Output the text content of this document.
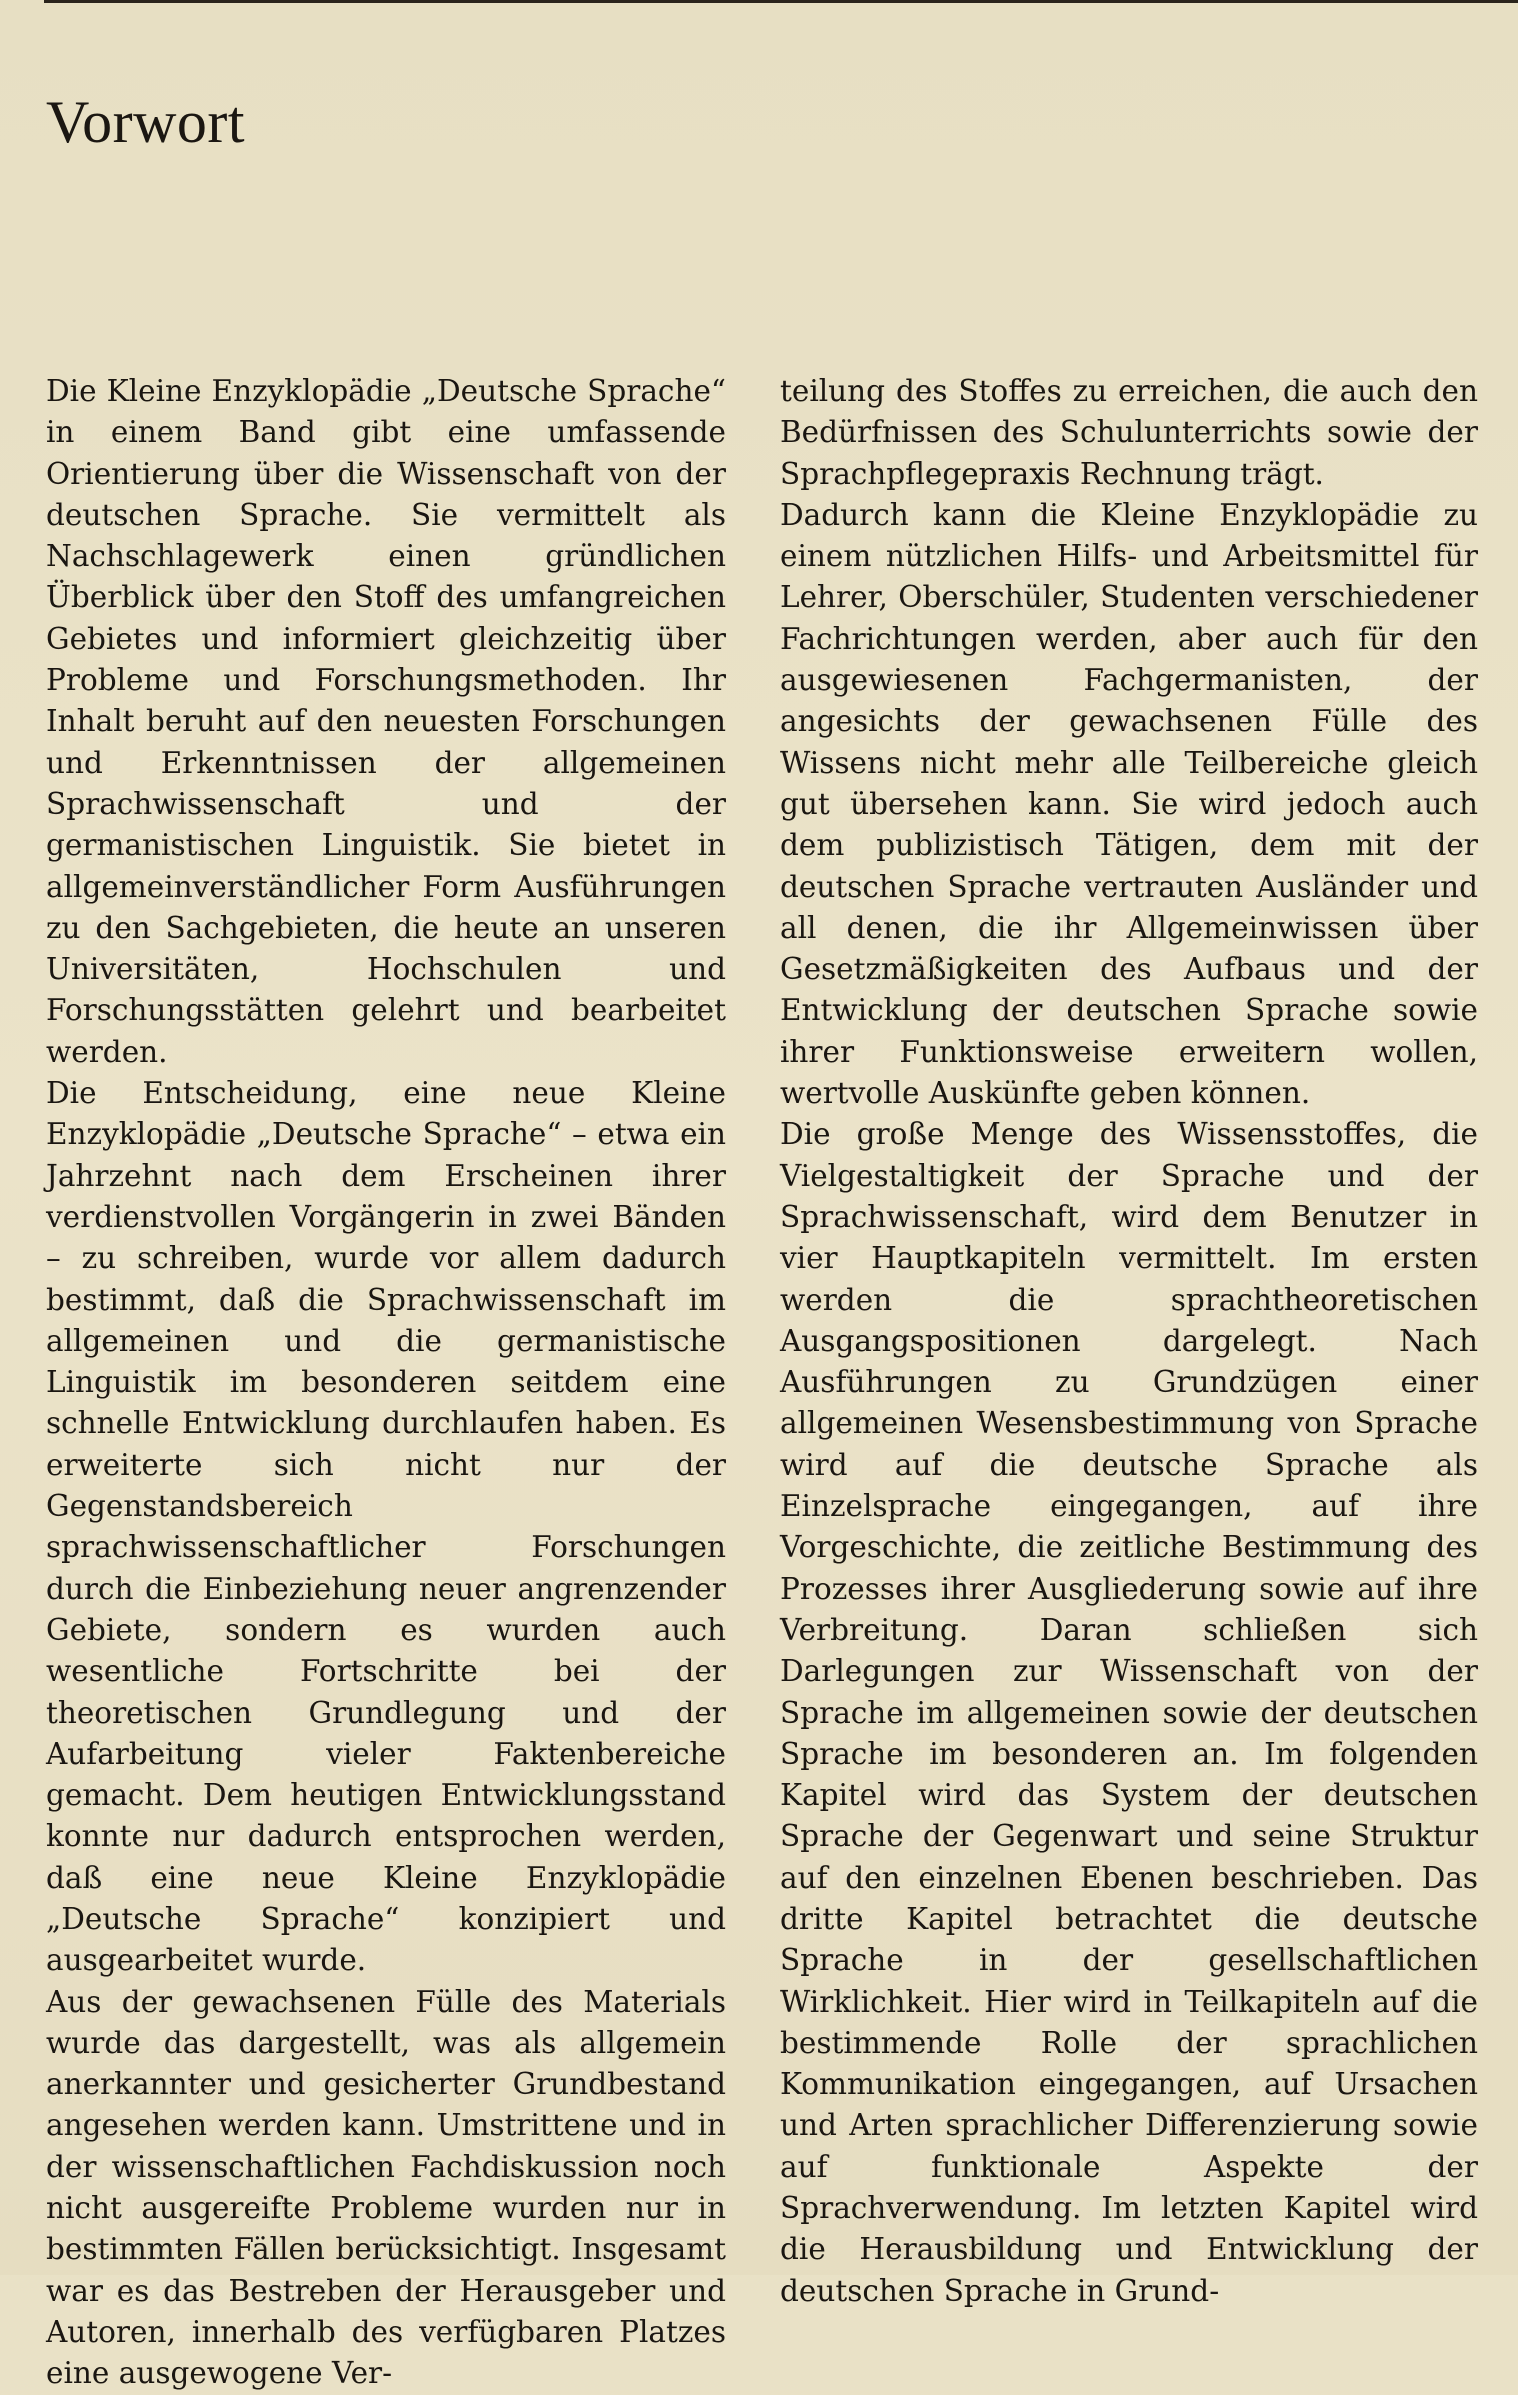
Vorwort

Die Kleine Enzyklopädie „Deutsche Sprache“ in einem Band gibt eine umfassende Orientierung über die Wissenschaft von der deutschen Sprache. Sie vermittelt als Nachschlagewerk einen gründlichen Überblick über den Stoff des umfangreichen Gebietes und informiert gleichzeitig über Probleme und Forschungsmethoden. Ihr Inhalt beruht auf den neuesten Forschungen und Erkenntnissen der allgemeinen Sprachwissenschaft und der germanistischen Linguistik. Sie bietet in allgemeinverständlicher Form Ausführungen zu den Sachgebieten, die heute an unseren Universitäten, Hochschulen und Forschungsstätten gelehrt und bearbeitet werden.

Die Entscheidung, eine neue Kleine Enzyklopädie „Deutsche Sprache“ – etwa ein Jahrzehnt nach dem Erscheinen ihrer verdienstvollen Vorgängerin in zwei Bänden – zu schreiben, wurde vor allem dadurch bestimmt, daß die Sprachwissenschaft im allgemeinen und die germanistische Linguistik im besonderen seitdem eine schnelle Entwicklung durchlaufen haben. Es erweiterte sich nicht nur der Gegenstandsbereich sprachwissenschaftlicher Forschungen durch die Einbeziehung neuer angrenzender Gebiete, sondern es wurden auch wesentliche Fortschritte bei der theoretischen Grundlegung und der Aufarbeitung vieler Faktenbereiche gemacht. Dem heutigen Entwicklungsstand konnte nur dadurch entsprochen werden, daß eine neue Kleine Enzyklopädie „Deutsche Sprache“ konzipiert und ausgearbeitet wurde.

Aus der gewachsenen Fülle des Materials wurde das dargestellt, was als allgemein anerkannter und gesicherter Grundbestand angesehen werden kann. Umstrittene und in der wissenschaftlichen Fachdiskussion noch nicht ausgereifte Probleme wurden nur in bestimmten Fällen berücksichtigt. Insgesamt war es das Bestreben der Herausgeber und Autoren, innerhalb des verfügbaren Platzes eine ausgewogene Ver-

teilung des Stoffes zu erreichen, die auch den Bedürfnissen des Schulunterrichts sowie der Sprachpflegepraxis Rechnung trägt.

Dadurch kann die Kleine Enzyklopädie zu einem nützlichen Hilfs- und Arbeitsmittel für Lehrer, Oberschüler, Studenten verschiedener Fachrichtungen werden, aber auch für den ausgewiesenen Fachgermanisten, der angesichts der gewachsenen Fülle des Wissens nicht mehr alle Teilbereiche gleich gut übersehen kann. Sie wird jedoch auch dem publizistisch Tätigen, dem mit der deutschen Sprache vertrauten Ausländer und all denen, die ihr Allgemeinwissen über Gesetzmäßigkeiten des Aufbaus und der Entwicklung der deutschen Sprache sowie ihrer Funktionsweise erweitern wollen, wertvolle Auskünfte geben können.

Die große Menge des Wissensstoffes, die Vielgestaltigkeit der Sprache und der Sprachwissenschaft, wird dem Benutzer in vier Hauptkapiteln vermittelt. Im ersten werden die sprachtheoretischen Ausgangspositionen dargelegt. Nach Ausführungen zu Grundzügen einer allgemeinen Wesensbestimmung von Sprache wird auf die deutsche Sprache als Einzelsprache eingegangen, auf ihre Vorgeschichte, die zeitliche Bestimmung des Prozesses ihrer Ausgliederung sowie auf ihre Verbreitung. Daran schließen sich Darlegungen zur Wissenschaft von der Sprache im allgemeinen sowie der deutschen Sprache im besonderen an. Im folgenden Kapitel wird das System der deutschen Sprache der Gegenwart und seine Struktur auf den einzelnen Ebenen beschrieben. Das dritte Kapitel betrachtet die deutsche Sprache in der gesellschaftlichen Wirklichkeit. Hier wird in Teilkapiteln auf die bestimmende Rolle der sprachlichen Kommunikation eingegangen, auf Ursachen und Arten sprachlicher Differenzierung sowie auf funktionale Aspekte der Sprachverwendung. Im letzten Kapitel wird die Herausbildung und Entwicklung der deutschen Sprache in Grund-
